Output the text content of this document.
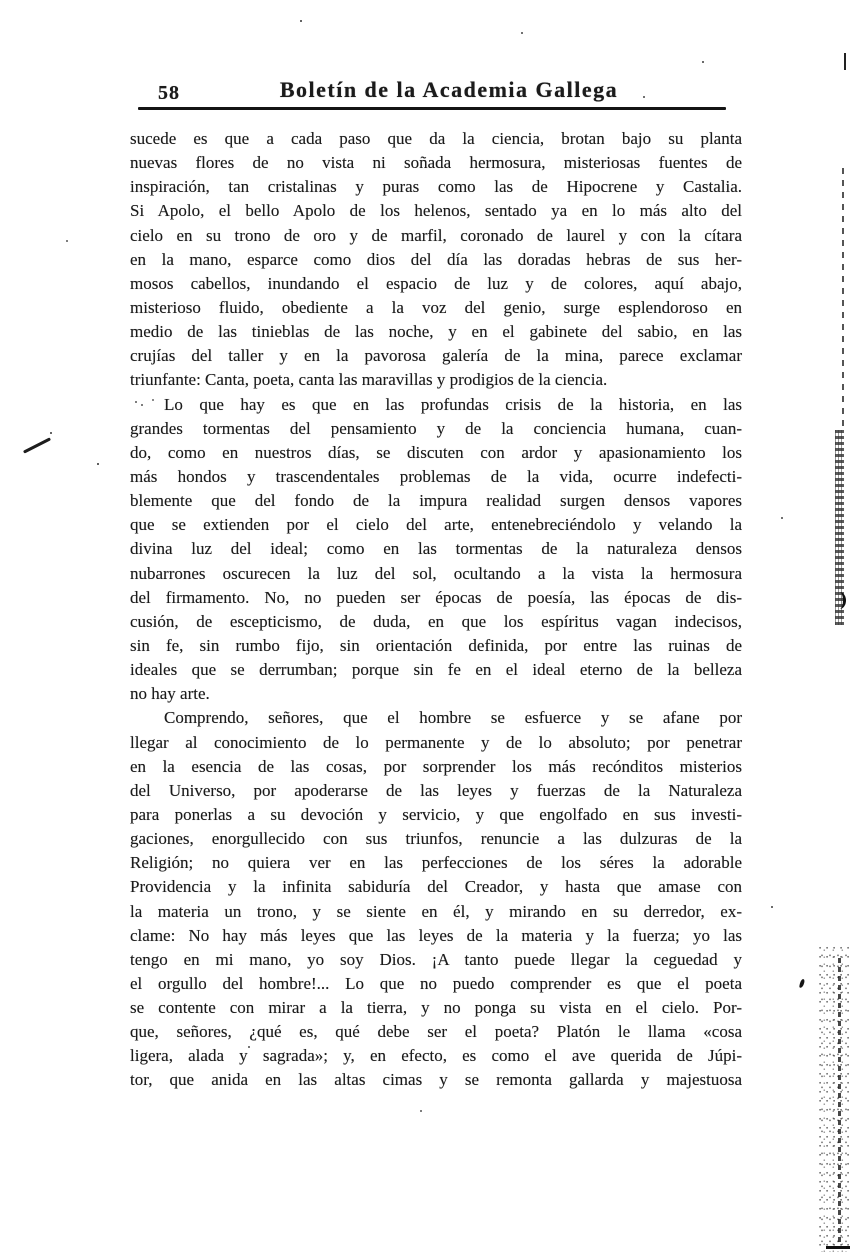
58	Boletín de la Academia Gallega
sucede es que a cada paso que da la ciencia, brotan bajo su planta
nuevas flores de no vista ni soñada hermosura, misteriosas fuentes de
inspiración, tan cristalinas y puras como las de Hipocrene y Castalia.
Si Apolo, el bello Apolo de los helenos, sentado ya en lo más alto del
cielo en su trono de oro y de marfil, coronado de laurel y con la cítara
en la mano, esparce como dios del día las doradas hebras de sus her-
mosos cabellos, inundando el espacio de luz y de colores, aquí abajo,
misterioso fluido, obediente a la voz del genio, surge esplendoroso en
medio de las tinieblas de las noche, y en el gabinete del sabio, en las
crujías del taller y en la pavorosa galería de la mina, parece exclamar
triunfante: Canta, poeta, canta las maravillas y prodigios de la ciencia.
Lo que hay es que en las profundas crisis de la historia, en las
grandes tormentas del pensamiento y de la conciencia humana, cuan-
do, como en nuestros días, se discuten con ardor y apasionamiento los
más hondos y trascendentales problemas de la vida, ocurre indefecti-
blemente que del fondo de la impura realidad surgen densos vapores
que se extienden por el cielo del arte, entenebreciéndolo y velando la
divina luz del ideal; como en las tormentas de la naturaleza densos
nubarrones oscurecen la luz del sol, ocultando a la vista la hermosura
del firmamento. No, no pueden ser épocas de poesía, las épocas de dis-
cusión, de escepticismo, de duda, en que los espíritus vagan indecisos,
sin fe, sin rumbo fijo, sin orientación definida, por entre las ruinas de
ideales que se derrumban; porque sin fe en el ideal eterno de la belleza
no hay arte.
Comprendo, señores, que el hombre se esfuerce y se afane por
llegar al conocimiento de lo permanente y de lo absoluto; por penetrar
en la esencia de las cosas, por sorprender los más recónditos misterios
del Universo, por apoderarse de las leyes y fuerzas de la Naturaleza
para ponerlas a su devoción y servicio, y que engolfado en sus investi-
gaciones, enorgullecido con sus triunfos, renuncie a las dulzuras de la
Religión; no quiera ver en las perfecciones de los séres la adorable
Providencia y la infinita sabiduría del Creador, y hasta que amase con
la materia un trono, y se siente en él, y mirando en su derredor, ex-
clame: No hay más leyes que las leyes de la materia y la fuerza; yo las
tengo en mi mano, yo soy Dios. ¡A tanto puede llegar la ceguedad y
el orgullo del hombre!... Lo que no puedo comprender es que el poeta
se contente con mirar a la tierra, y no ponga su vista en el cielo. Por-
que, señores, ¿qué es, qué debe ser el poeta? Platón le llama «cosa
ligera, alada y sagrada»; y, en efecto, es como el ave querida de Júpi-
tor, que anida en las altas cimas y se remonta gallarda y majestuosa
